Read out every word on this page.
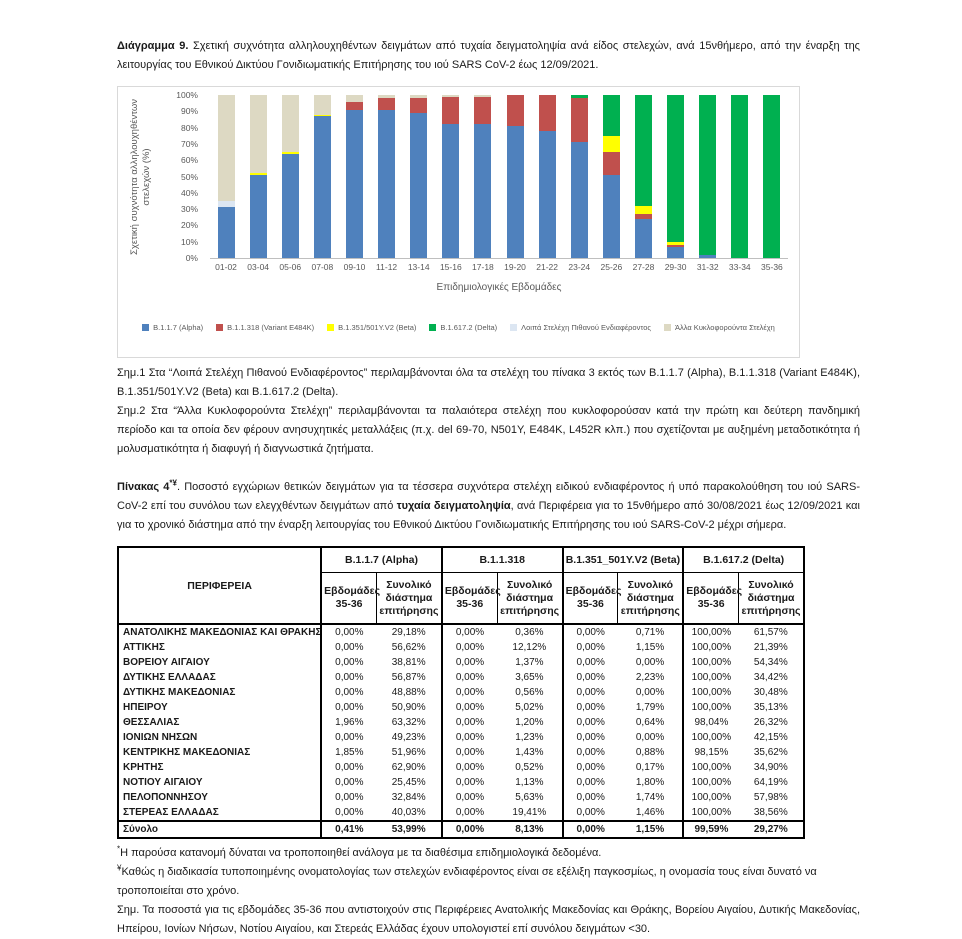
Διάγραμμα 9. Σχετική συχνότητα αλληλουχηθέντων δειγμάτων από τυχαία δειγματοληψία ανά είδος στελεχών, ανά 15νθήμερο, από την έναρξη της λειτουργίας του Εθνικού Δικτύου Γονιδιωματικής Επιτήρησης του ιού SARS CoV-2 έως 12/09/2021.

Σχετική συχνότητα αλληλουχηθέντων στελεχών (%)
0%
10%
20%
30%
40%
50%
60%
70%
80%
90%
100%
01-02	03-04	05-06	07-08	09-10	11-12	13-14	15-16	17-18	19-20	21-22	23-24	25-26	27-28	29-30	31-32	33-34	35-36
Επιδημιολογικές Εβδομάδες
B.1.1.7 (Alpha)	B.1.1.318 (Variant E484K)	B.1.351/501Y.V2 (Beta)	B.1.617.2 (Delta)	Λοιπά Στελέχη Πιθανού Ενδιαφέροντος	Άλλα Κυκλοφορούντα Στελέχη

Σημ.1 Στα “Λοιπά Στελέχη Πιθανού Ενδιαφέροντος” περιλαμβάνονται όλα τα στελέχη του πίνακα 3 εκτός των B.1.1.7 (Alpha), B.1.1.318 (Variant E484K), B.1.351/501Y.V2 (Beta) και B.1.617.2 (Delta).

Σημ.2 Στα “Άλλα Κυκλοφορούντα Στελέχη” περιλαμβάνονται τα παλαιότερα στελέχη που κυκλοφορούσαν κατά την πρώτη και δεύτερη πανδημική περίοδο και τα οποία δεν φέρουν ανησυχητικές μεταλλάξεις (π.χ. del 69-70, N501Y, E484K, L452R κλπ.) που σχετίζονται με αυξημένη μεταδοτικότητα ή μολυσματικότητα ή διαφυγή ή διαγνωστικά ζητήματα.

Πίνακας 4*¥. Ποσοστό εγχώριων θετικών δειγμάτων για τα τέσσερα συχνότερα στελέχη ειδικού ενδιαφέροντος ή υπό παρακολούθηση του ιού SARS-CoV-2 επί του συνόλου των ελεγχθέντων δειγμάτων από τυχαία δειγματοληψία, ανά Περιφέρεια για το 15νθήμερο από 30/08/2021 έως 12/09/2021 και για το χρονικό διάστημα από την έναρξη λειτουργίας του Εθνικού Δικτύου Γονιδιωματικής Επιτήρησης του ιού SARS-CoV-2 μέχρι σήμερα.

ΠΕΡΙΦΕΡΕΙΑ	B.1.1.7 (Alpha)		B.1.1.318		B.1.351_501Y.V2 (Beta)		B.1.617.2 (Delta)	
	Εβδομάδες 35-36	Συνολικό διάστημα επιτήρησης	Εβδομάδες 35-36	Συνολικό διάστημα επιτήρησης	Εβδομάδες 35-36	Συνολικό διάστημα επιτήρησης	Εβδομάδες 35-36	Συνολικό διάστημα επιτήρησης
ΑΝΑΤΟΛΙΚΗΣ ΜΑΚΕΔΟΝΙΑΣ ΚΑΙ ΘΡΑΚΗΣ	0,00%	29,18%	0,00%	0,36%	0,00%	0,71%	100,00%	61,57%
ΑΤΤΙΚΗΣ	0,00%	56,62%	0,00%	12,12%	0,00%	1,15%	100,00%	21,39%
ΒΟΡΕΙΟΥ ΑΙΓΑΙΟΥ	0,00%	38,81%	0,00%	1,37%	0,00%	0,00%	100,00%	54,34%
ΔΥΤΙΚΗΣ ΕΛΛΑΔΑΣ	0,00%	56,87%	0,00%	3,65%	0,00%	2,23%	100,00%	34,42%
ΔΥΤΙΚΗΣ ΜΑΚΕΔΟΝΙΑΣ	0,00%	48,88%	0,00%	0,56%	0,00%	0,00%	100,00%	30,48%
ΗΠΕΙΡΟΥ	0,00%	50,90%	0,00%	5,02%	0,00%	1,79%	100,00%	35,13%
ΘΕΣΣΑΛΙΑΣ	1,96%	63,32%	0,00%	1,20%	0,00%	0,64%	98,04%	26,32%
ΙΟΝΙΩΝ ΝΗΣΩΝ	0,00%	49,23%	0,00%	1,23%	0,00%	0,00%	100,00%	42,15%
ΚΕΝΤΡΙΚΗΣ ΜΑΚΕΔΟΝΙΑΣ	1,85%	51,96%	0,00%	1,43%	0,00%	0,88%	98,15%	35,62%
ΚΡΗΤΗΣ	0,00%	62,90%	0,00%	0,52%	0,00%	0,17%	100,00%	34,90%
ΝΟΤΙΟΥ ΑΙΓΑΙΟΥ	0,00%	25,45%	0,00%	1,13%	0,00%	1,80%	100,00%	64,19%
ΠΕΛΟΠΟΝΝΗΣΟΥ	0,00%	32,84%	0,00%	5,63%	0,00%	1,74%	100,00%	57,98%
ΣΤΕΡΕΑΣ ΕΛΛΑΔΑΣ	0,00%	40,03%	0,00%	19,41%	0,00%	1,46%	100,00%	38,56%
Σύνολο	0,41%	53,99%	0,00%	8,13%	0,00%	1,15%	99,59%	29,27%

*Η παρούσα κατανομή δύναται να τροποποιηθεί ανάλογα με τα διαθέσιμα επιδημιολογικά δεδομένα.

¥Καθώς η διαδικασία τυποποιημένης ονοματολογίας των στελεχών ενδιαφέροντος είναι σε εξέλιξη παγκοσμίως, η ονομασία τους είναι δυνατό να τροποποιείται στο χρόνο.

Σημ. Τα ποσοστά για τις εβδομάδες 35-36 που αντιστοιχούν στις Περιφέρειες Ανατολικής Μακεδονίας και Θράκης, Βορείου Αιγαίου, Δυτικής Μακεδονίας, Ηπείρου, Ιονίων Νήσων, Νοτίου Αιγαίου, και Στερεάς Ελλάδας έχουν υπολογιστεί επί συνόλου δειγμάτων <30.
